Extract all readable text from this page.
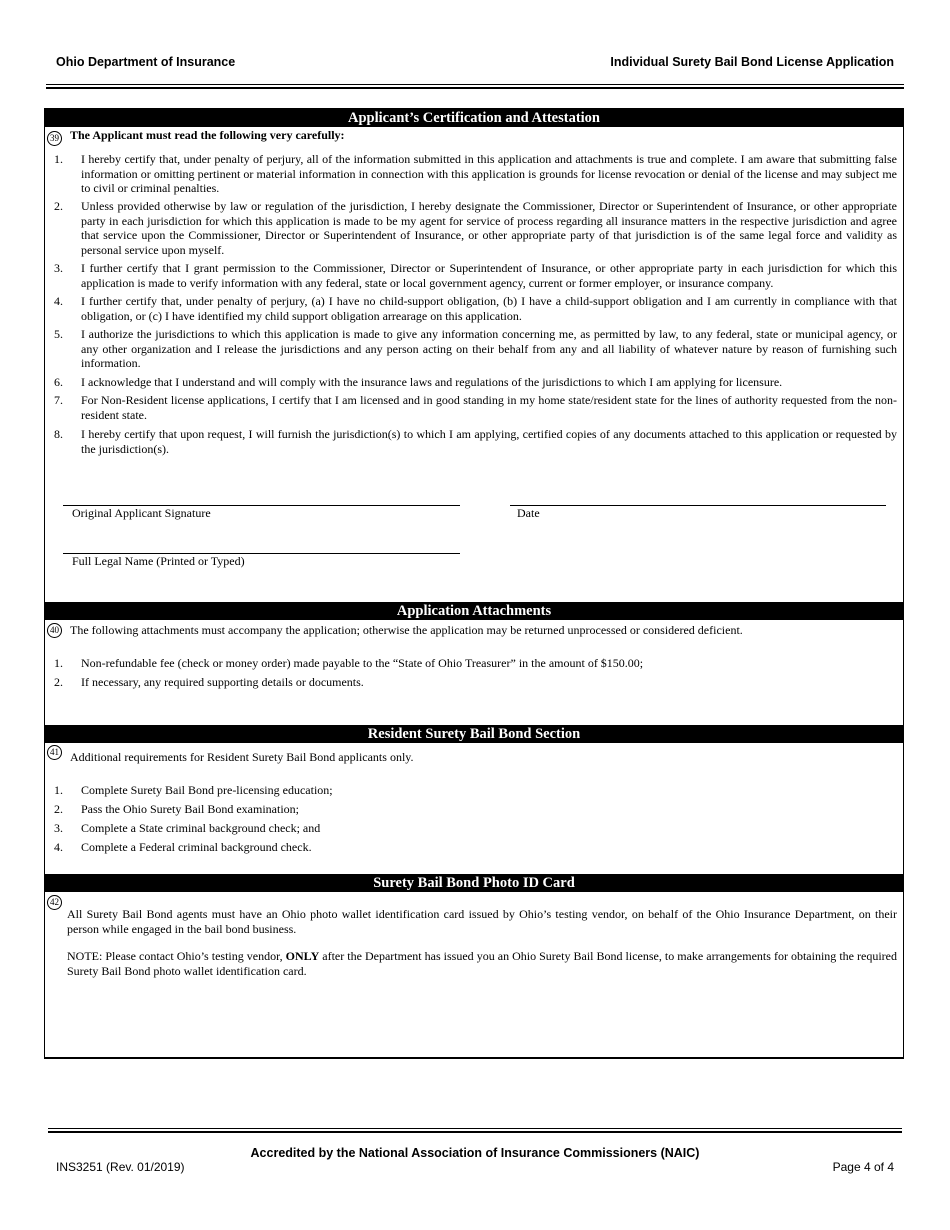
Ohio Department of Insurance	Individual Surety Bail Bond License Application
Applicant’s Certification and Attestation
39 The Applicant must read the following very carefully:
1. I hereby certify that, under penalty of perjury, all of the information submitted in this application and attachments is true and complete. I am aware that submitting false information or omitting pertinent or material information in connection with this application is grounds for license revocation or denial of the license and may subject me to civil or criminal penalties.
2. Unless provided otherwise by law or regulation of the jurisdiction, I hereby designate the Commissioner, Director or Superintendent of Insurance, or other appropriate party in each jurisdiction for which this application is made to be my agent for service of process regarding all insurance matters in the respective jurisdiction and agree that service upon the Commissioner, Director or Superintendent of Insurance, or other appropriate party of that jurisdiction is of the same legal force and validity as personal service upon myself.
3. I further certify that I grant permission to the Commissioner, Director or Superintendent of Insurance, or other appropriate party in each jurisdiction for which this application is made to verify information with any federal, state or local government agency, current or former employer, or insurance company.
4. I further certify that, under penalty of perjury, (a) I have no child-support obligation, (b) I have a child-support obligation and I am currently in compliance with that obligation, or (c) I have identified my child support obligation arrearage on this application.
5. I authorize the jurisdictions to which this application is made to give any information concerning me, as permitted by law, to any federal, state or municipal agency, or any other organization and I release the jurisdictions and any person acting on their behalf from any and all liability of whatever nature by reason of furnishing such information.
6. I acknowledge that I understand and will comply with the insurance laws and regulations of the jurisdictions to which I am applying for licensure.
7. For Non-Resident license applications, I certify that I am licensed and in good standing in my home state/resident state for the lines of authority requested from the non-resident state.
8. I hereby certify that upon request, I will furnish the jurisdiction(s) to which I am applying, certified copies of any documents attached to this application or requested by the jurisdiction(s).
Original Applicant Signature	Date
Full Legal Name (Printed or Typed)
Application Attachments
40 The following attachments must accompany the application; otherwise the application may be returned unprocessed or considered deficient.
1. Non-refundable fee (check or money order) made payable to the “State of Ohio Treasurer” in the amount of $150.00;
2. If necessary, any required supporting details or documents.
Resident Surety Bail Bond Section
41 Additional requirements for Resident Surety Bail Bond applicants only.
1. Complete Surety Bail Bond pre-licensing education;
2. Pass the Ohio Surety Bail Bond examination;
3. Complete a State criminal background check; and
4. Complete a Federal criminal background check.
Surety Bail Bond Photo ID Card
42
All Surety Bail Bond agents must have an Ohio photo wallet identification card issued by Ohio’s testing vendor, on behalf of the Ohio Insurance Department, on their person while engaged in the bail bond business.
NOTE: Please contact Ohio’s testing vendor, ONLY after the Department has issued you an Ohio Surety Bail Bond license, to make arrangements for obtaining the required Surety Bail Bond photo wallet identification card.
Accredited by the National Association of Insurance Commissioners (NAIC)
INS3251 (Rev. 01/2019)	Page 4 of 4
